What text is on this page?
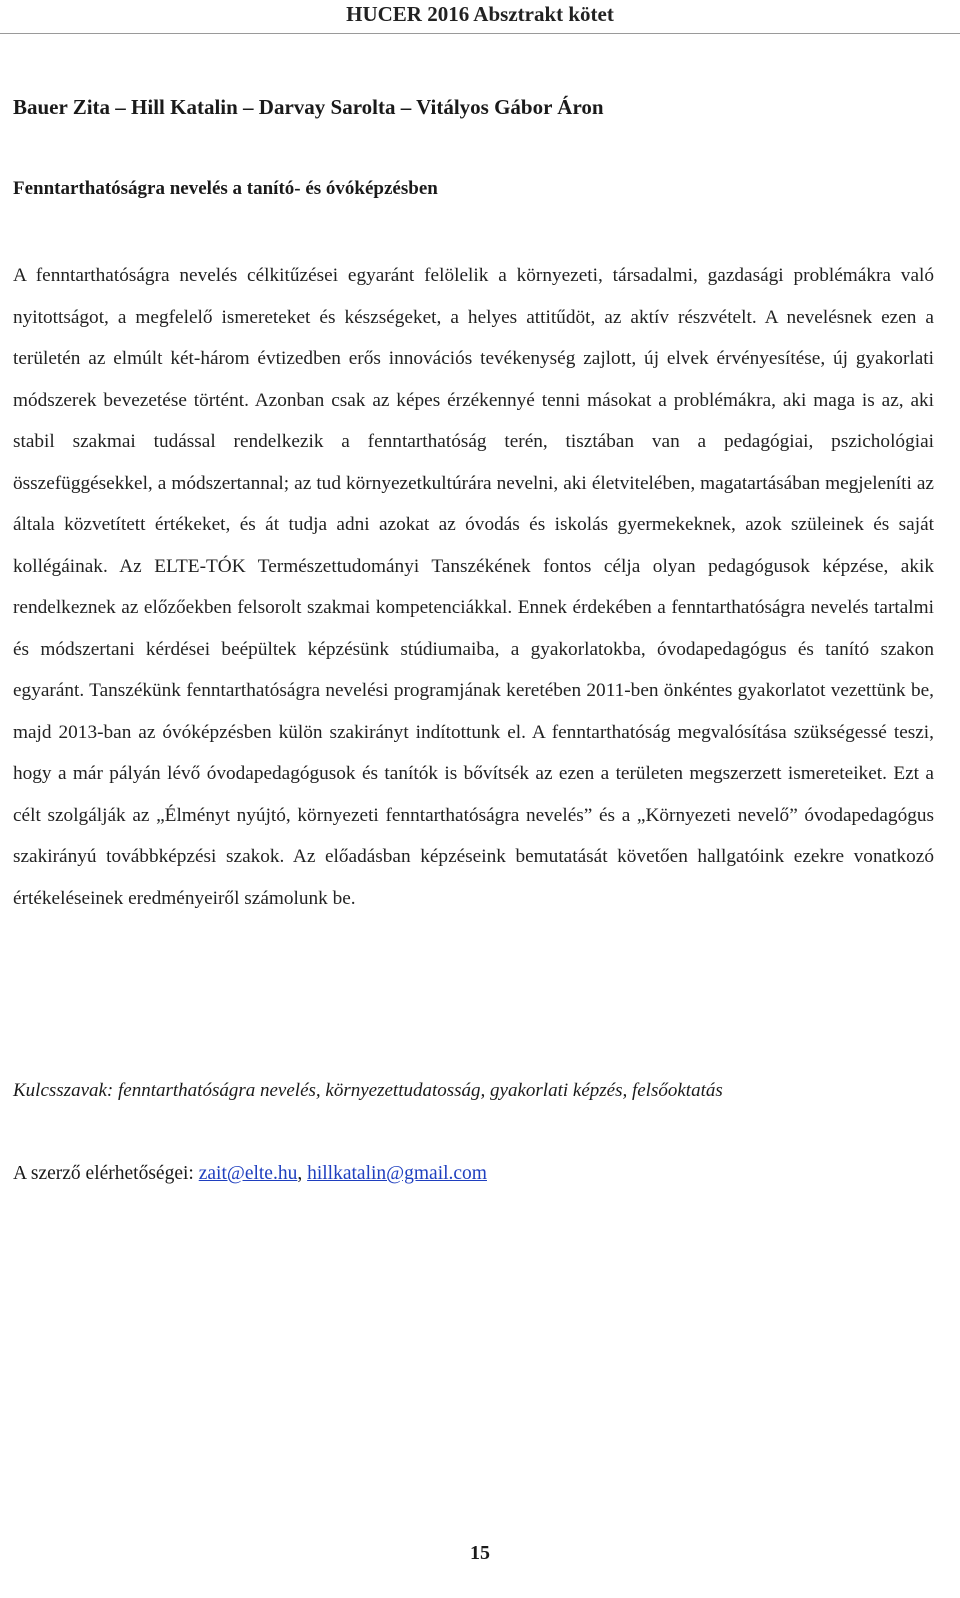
HUCER 2016 Absztrakt kötet
Bauer Zita – Hill Katalin – Darvay Sarolta – Vitályos Gábor Áron
Fenntarthatóságra nevelés a tanító- és óvóképzésben

A fenntarthatóságra nevelés célkitűzései egyaránt felölelik a környezeti, társadalmi, gazdasági problémákra való nyitottságot, a megfelelő ismereteket és készségeket, a helyes attitűdöt, az aktív részvételt. A nevelésnek ezen a területén az elmúlt két-három évtizedben erős innovációs tevékenység zajlott, új elvek érvényesítése, új gyakorlati módszerek bevezetése történt. Azonban csak az képes érzékennyé tenni másokat a problémákra, aki maga is az, aki stabil szakmai tudással rendelkezik a fenntarthatóság terén, tisztában van a pedagógiai, pszichológiai összefüggésekkel, a módszertannal; az tud környezetkultúrára nevelni, aki életvitelében, magatartásában megjeleníti az általa közvetített értékeket, és át tudja adni azokat az óvodás és iskolás gyermekeknek, azok szüleinek és saját kollégáinak. Az ELTE-TÓK Természettudományi Tanszékének fontos célja olyan pedagógusok képzése, akik rendelkeznek az előzőekben felsorolt szakmai kompetenciákkal. Ennek érdekében a fenntarthatóságra nevelés tartalmi és módszertani kérdései beépültek képzésünk stúdiumaiba, a gyakorlatokba, óvodapedagógus és tanító szakon egyaránt. Tanszékünk fenntarthatóságra nevelési programjának keretében 2011-ben önkéntes gyakorlatot vezettünk be, majd 2013-ban az óvóképzésben külön szakirányt indítottunk el. A fenntarthatóság megvalósítása szükségessé teszi, hogy a már pályán lévő óvodapedagógusok és tanítók is bővítsék az ezen a területen megszerzett ismereteiket. Ezt a célt szolgálják az „Élményt nyújtó, környezeti fenntarthatóságra nevelés” és a „Környezeti nevelő” óvodapedagógus szakirányú továbbképzési szakok. Az előadásban képzéseink bemutatását követően hallgatóink ezekre vonatkozó értékeléseinek eredményeiről számolunk be.

Kulcsszavak: fenntarthatóságra nevelés, környezettudatosság, gyakorlati képzés, felsőoktatás
A szerző elérhetőségei: zait@elte.hu, hillkatalin@gmail.com
15
